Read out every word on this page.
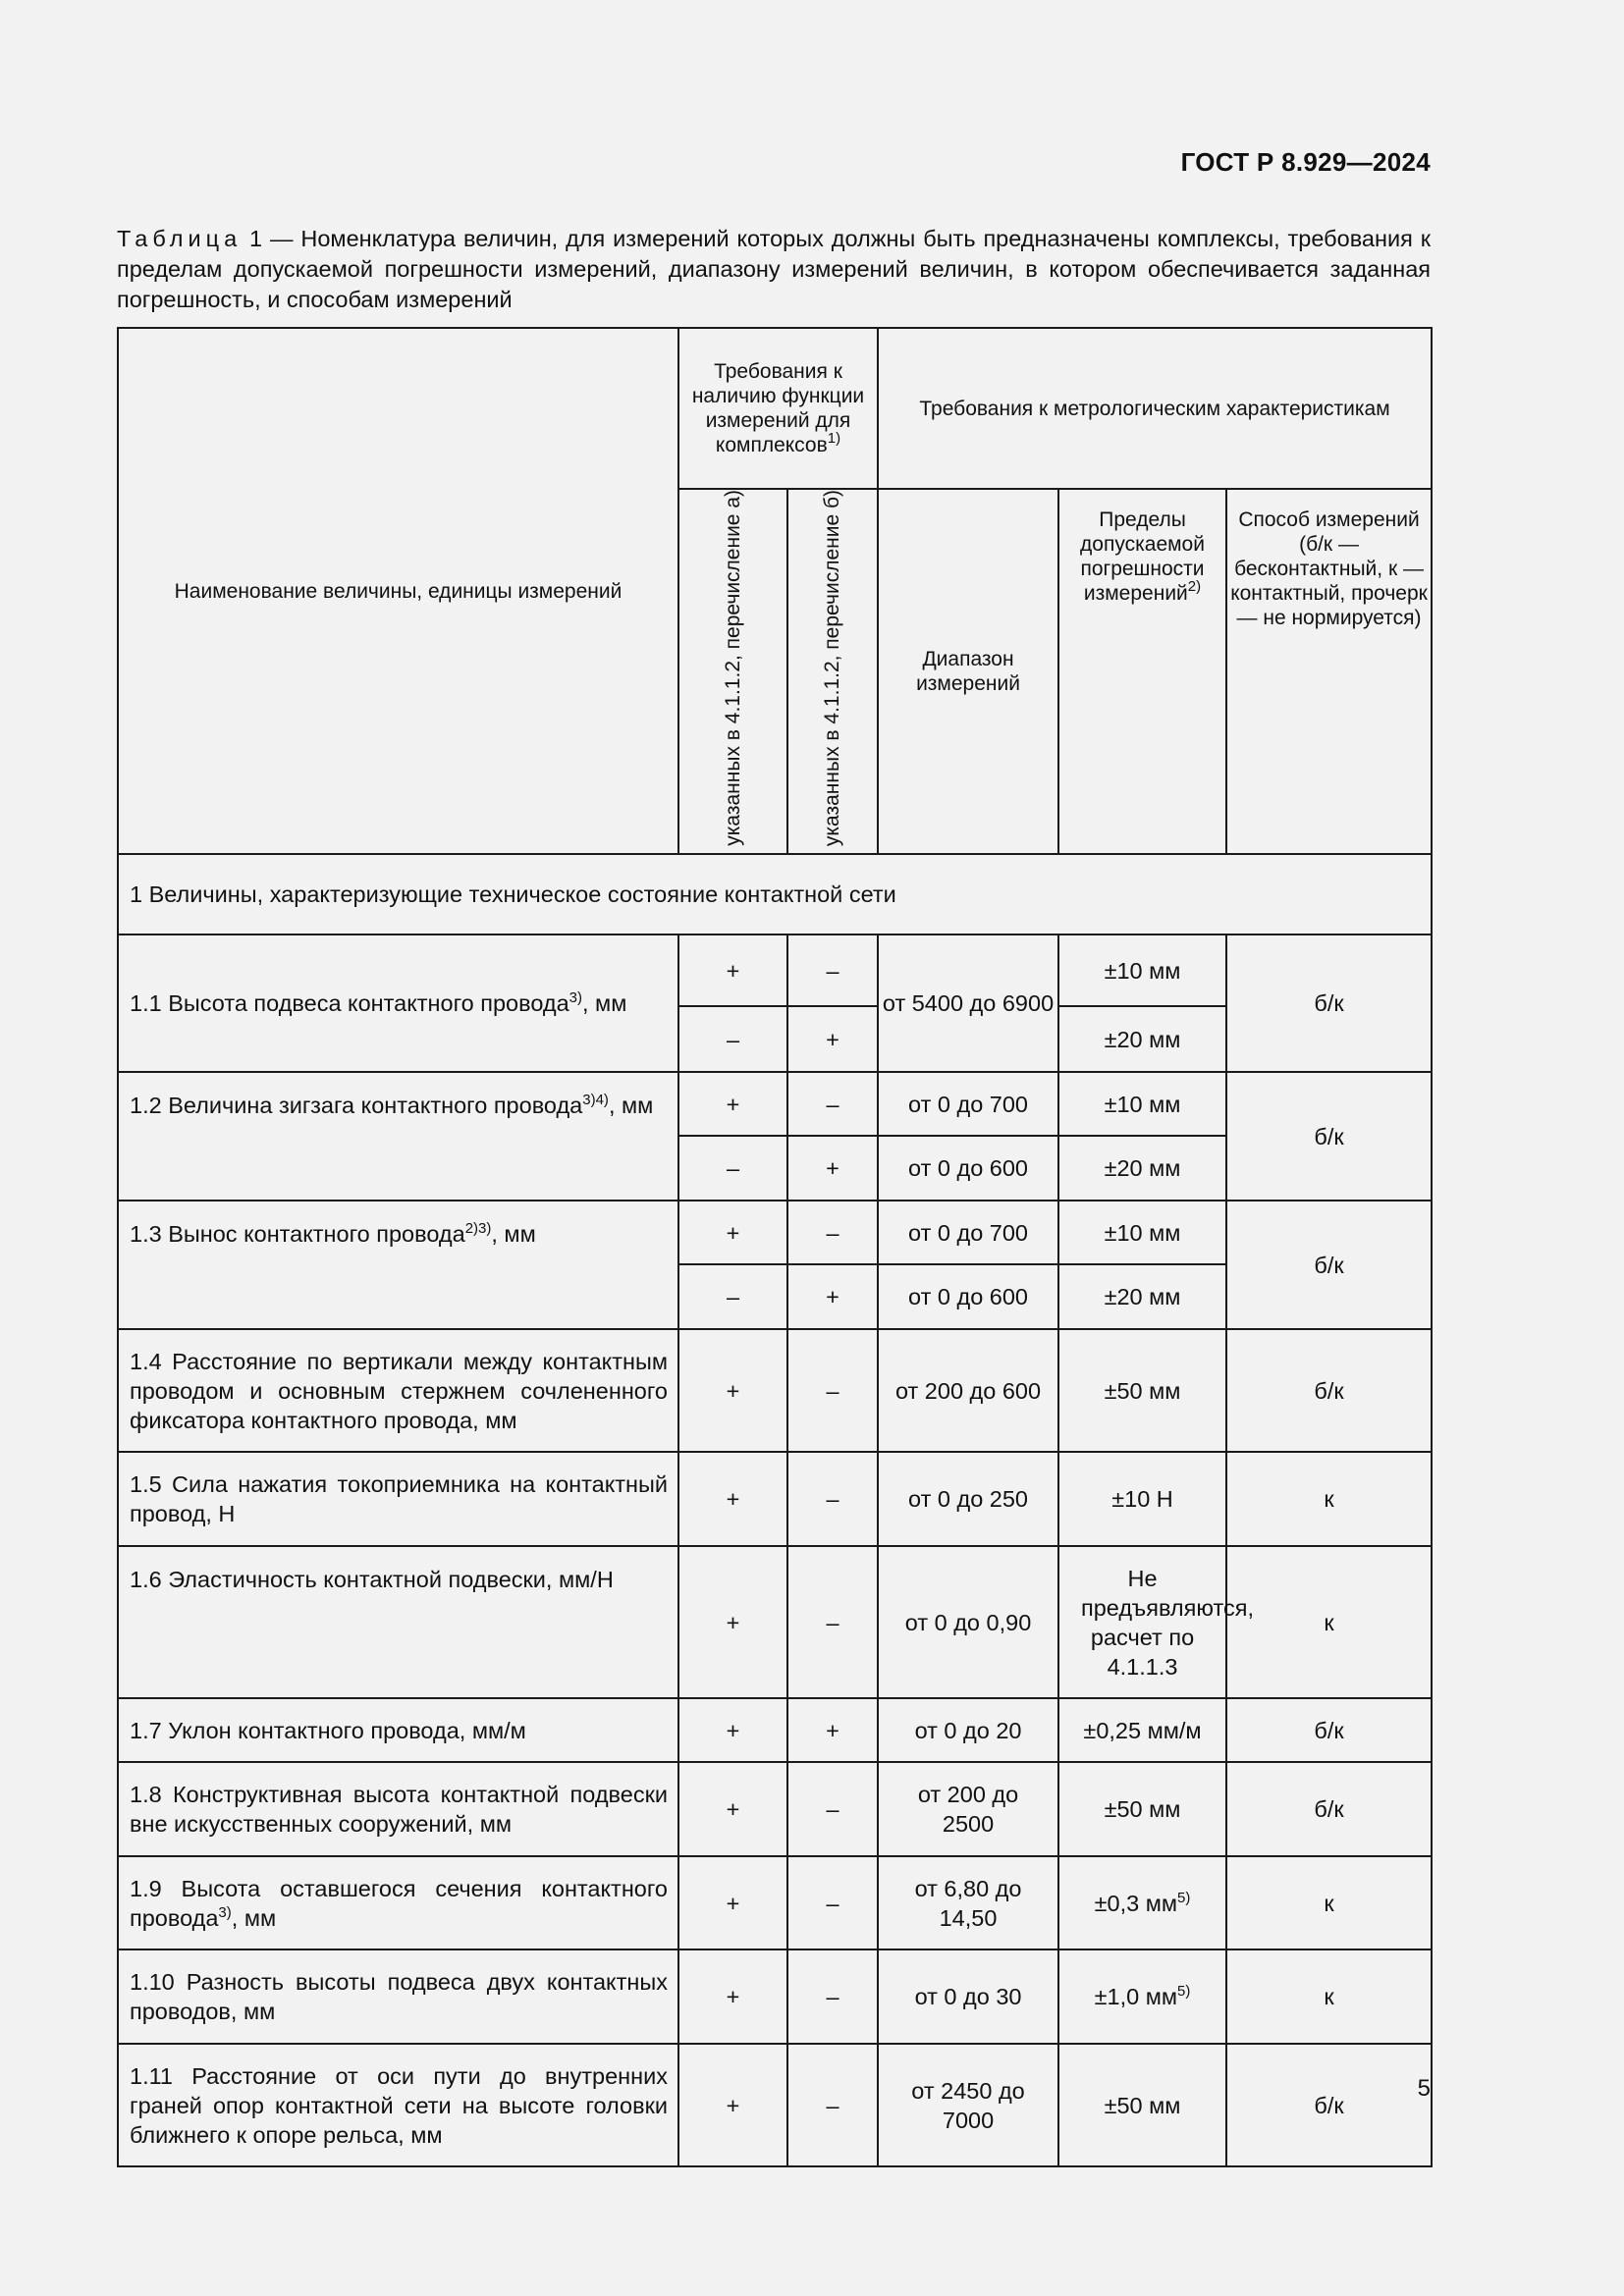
ГОСТ Р 8.929—2024
Таблица 1 — Номенклатура величин, для измерений которых должны быть предназначены комплексы, требования к пределам допускаемой погрешности измерений, диапазону измерений величин, в котором обеспечивается заданная погрешность, и способам измерений
Наименование величины, единицы измерений	Требования к наличию функции измерений для комплексов$^{1)}$		Требования к метрологическим характеристикам		
	указанных в 4.1.1.2, перечисление а)	указанных в 4.1.1.2, перечисление б)	Диапазон измерений	Пределы допускаемой погрешности измерений$^{2)}$	Способ измерений (б/к — бесконтактный, к — контактный, прочерк — не нормируется)
1 Величины, характеризующие техническое состояние контактной сети					
1.1 Высота подвеса контактного провода$^{3)}$, мм	+	–	от 5400 до 6900	±10 мм	б/к
	–	+		±20 мм	
1.2 Величина зигзага контактного провода$^{3)4)}$, мм	+	–	от 0 до 700	±10 мм	б/к
	–	+	от 0 до 600	±20 мм	
1.3 Вынос контактного провода$^{2)3)}$, мм	+	–	от 0 до 700	±10 мм	б/к
	–	+	от 0 до 600	±20 мм	
1.4 Расстояние по вертикали между контактным проводом и основным стержнем сочлененного фиксатора контактного провода, мм	+	–	от 200 до 600	±50 мм	б/к
1.5 Сила нажатия токоприемника на контактный провод, Н	+	–	от 0 до 250	±10 Н	к
1.6 Эластичность контактной подвески, мм/Н	+	–	от 0 до 0,90	Не предъявляются, расчет по 4.1.1.3	к
1.7 Уклон контактного провода, мм/м	+	+	от 0 до 20	±0,25 мм/м	б/к
1.8 Конструктивная высота контактной подвески вне искусственных сооружений, мм	+	–	от 200 до 2500	±50 мм	б/к
1.9 Высота оставшегося сечения контактного провода$^{3)}$, мм	+	–	от 6,80 до 14,50	±0,3 $мм^{5)}$	к
1.10 Разность высоты подвеса двух контактных проводов, мм	+	–	от 0 до 30	±1,0 $мм^{5)}$	к
1.11 Расстояние от оси пути до внутренних граней опор контактной сети на высоте головки ближнего к опоре рельса, мм	+	–	от 2450 до 7000	±50 мм	б/к
5
